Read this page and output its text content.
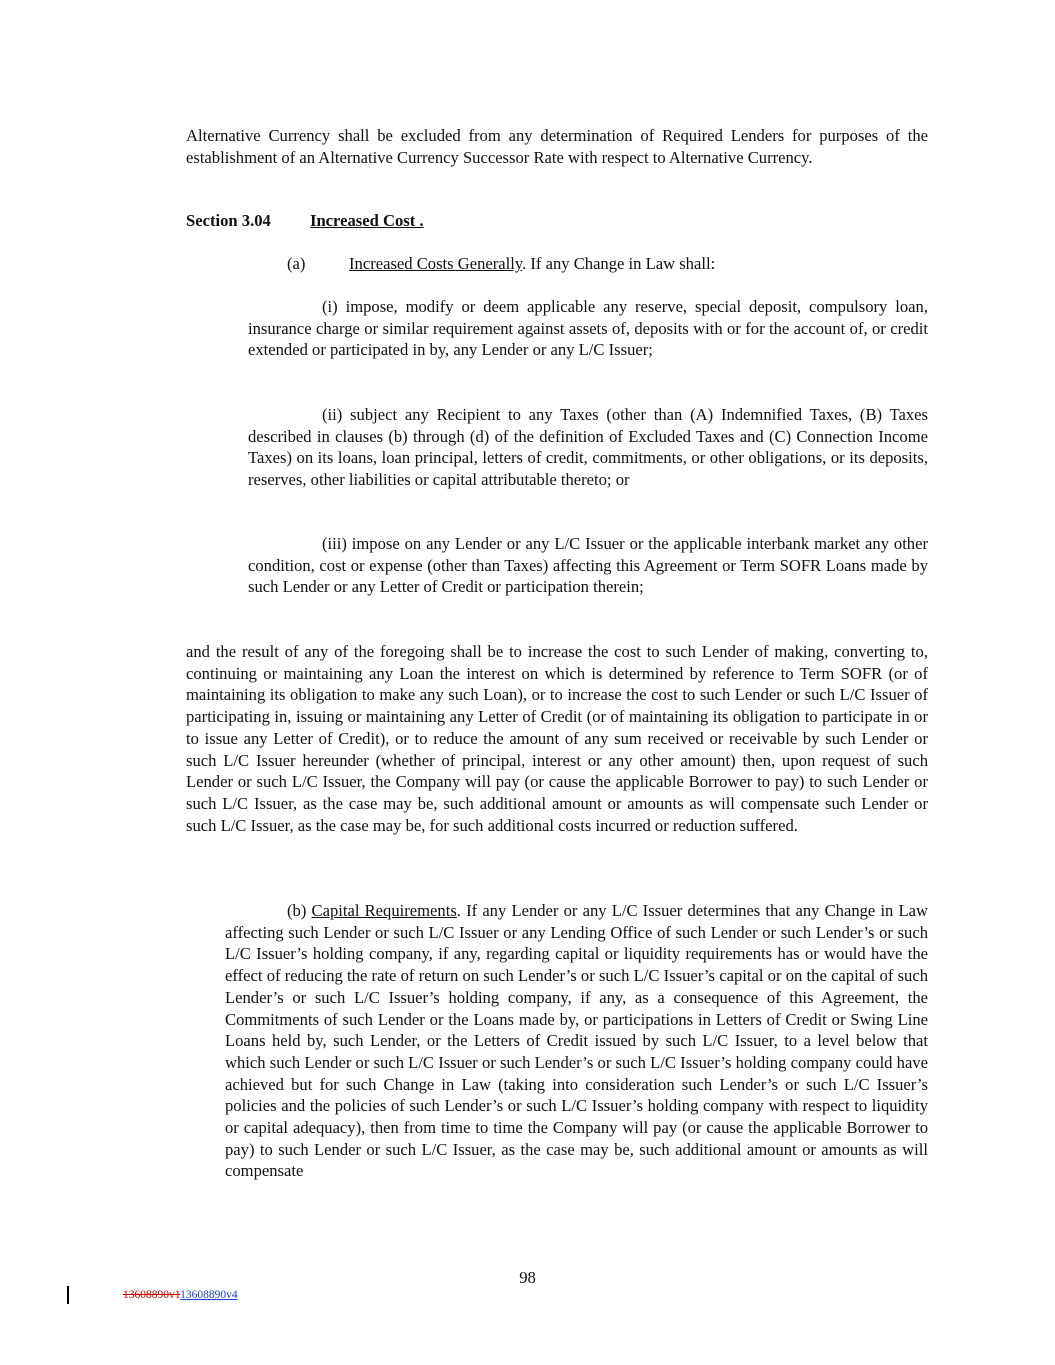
Alternative Currency shall be excluded from any determination of Required Lenders for purposes of the establishment of an Alternative Currency Successor Rate with respect to Alternative Currency.

Section 3.04 Increased Cost .
(a)	Increased Costs Generally. If any Change in Law shall:

(i) impose, modify or deem applicable any reserve, special deposit, compulsory loan, insurance charge or similar requirement against assets of, deposits with or for the account of, or credit extended or participated in by, any Lender or any L/C Issuer;

(ii) subject any Recipient to any Taxes (other than (A) Indemnified Taxes, (B) Taxes described in clauses (b) through (d) of the definition of Excluded Taxes and (C) Connection Income Taxes) on its loans, loan principal, letters of credit, commitments, or other obligations, or its deposits, reserves, other liabilities or capital attributable thereto; or

(iii) impose on any Lender or any L/C Issuer or the applicable interbank market any other condition, cost or expense (other than Taxes) affecting this Agreement or Term SOFR Loans made by such Lender or any Letter of Credit or participation therein;

and the result of any of the foregoing shall be to increase the cost to such Lender of making, converting to, continuing or maintaining any Loan the interest on which is determined by reference to Term SOFR (or of maintaining its obligation to make any such Loan), or to increase the cost to such Lender or such L/C Issuer of participating in, issuing or maintaining any Letter of Credit (or of maintaining its obligation to participate in or to issue any Letter of Credit), or to reduce the amount of any sum received or receivable by such Lender or such L/C Issuer hereunder (whether of principal, interest or any other amount) then, upon request of such Lender or such L/C Issuer, the Company will pay (or cause the applicable Borrower to pay) to such Lender or such L/C Issuer, as the case may be, such additional amount or amounts as will compensate such Lender or such L/C Issuer, as the case may be, for such additional costs incurred or reduction suffered.

(b) Capital Requirements. If any Lender or any L/C Issuer determines that any Change in Law affecting such Lender or such L/C Issuer or any Lending Office of such Lender or such Lender’s or such L/C Issuer’s holding company, if any, regarding capital or liquidity requirements has or would have the effect of reducing the rate of return on such Lender’s or such L/C Issuer’s capital or on the capital of such Lender’s or such L/C Issuer’s holding company, if any, as a consequence of this Agreement, the Commitments of such Lender or the Loans made by, or participations in Letters of Credit or Swing Line Loans held by, such Lender, or the Letters of Credit issued by such L/C Issuer, to a level below that which such Lender or such L/C Issuer or such Lender’s or such L/C Issuer’s holding company could have achieved but for such Change in Law (taking into consideration such Lender’s or such L/C Issuer’s policies and the policies of such Lender’s or such L/C Issuer’s holding company with respect to liquidity or capital adequacy), then from time to time the Company will pay (or cause the applicable Borrower to pay) to such Lender or such L/C Issuer, as the case may be, such additional amount or amounts as will compensate

98
13608890v113608890v4
